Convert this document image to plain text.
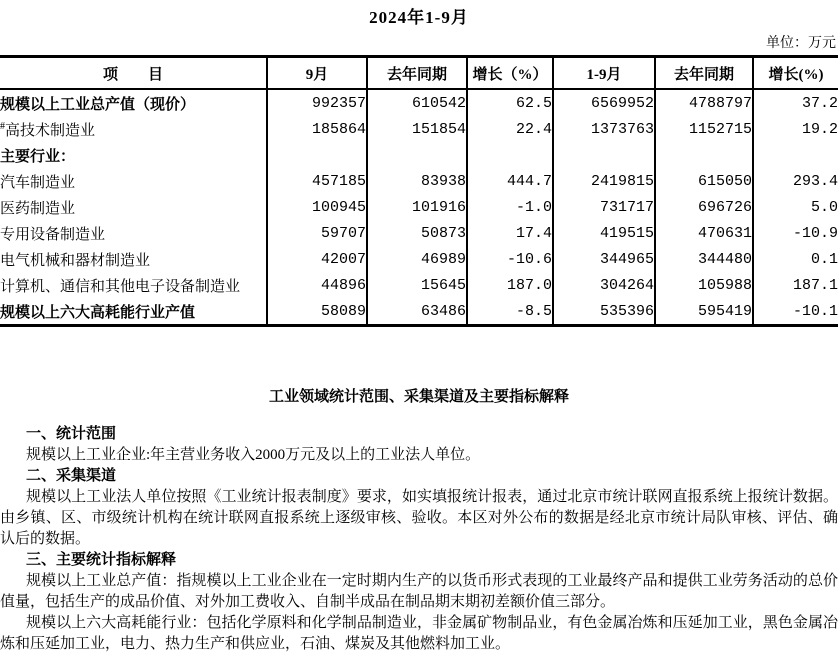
2024年1-9月
单位：万元
项　　目	9月	去年同期	增长（%）	1-9月	去年同期	增长(%)
规模以上工业总产值（现价）	992357	610542	62.5	6569952	4788797	37.2
#高技术制造业	185864	151854	22.4	1373763	1152715	19.2
主要行业：						
汽车制造业	457185	83938	444.7	2419815	615050	293.4
医药制造业	100945	101916	-1.0	731717	696726	5.0
专用设备制造业	59707	50873	17.4	419515	470631	-10.9
电气机械和器材制造业	42007	46989	-10.6	344965	344480	0.1
计算机、通信和其他电子设备制造业	44896	15645	187.0	304264	105988	187.1
规模以上六大高耗能行业产值	58089	63486	-8.5	535396	595419	-10.1
工业领域统计范围、采集渠道及主要指标解释
一、统计范围

规模以上工业企业:年主营业务收入2000万元及以上的工业法人单位。

二、采集渠道

规模以上工业法人单位按照《工业统计报表制度》要求，如实填报统计报表，通过北京市统计联网直报系统上报统计数据。由乡镇、区、市级统计机构在统计联网直报系统上逐级审核、验收。本区对外公布的数据是经北京市统计局队审核、评估、确认后的数据。

三、主要统计指标解释

规模以上工业总产值：指规模以上工业企业在一定时期内生产的以货币形式表现的工业最终产品和提供工业劳务活动的总价值量，包括生产的成品价值、对外加工费收入、自制半成品在制品期末期初差额价值三部分。

规模以上六大高耗能行业：包括化学原料和化学制品制造业，非金属矿物制品业，有色金属冶炼和压延加工业，黑色金属冶炼和压延加工业，电力、热力生产和供应业，石油、煤炭及其他燃料加工业。
